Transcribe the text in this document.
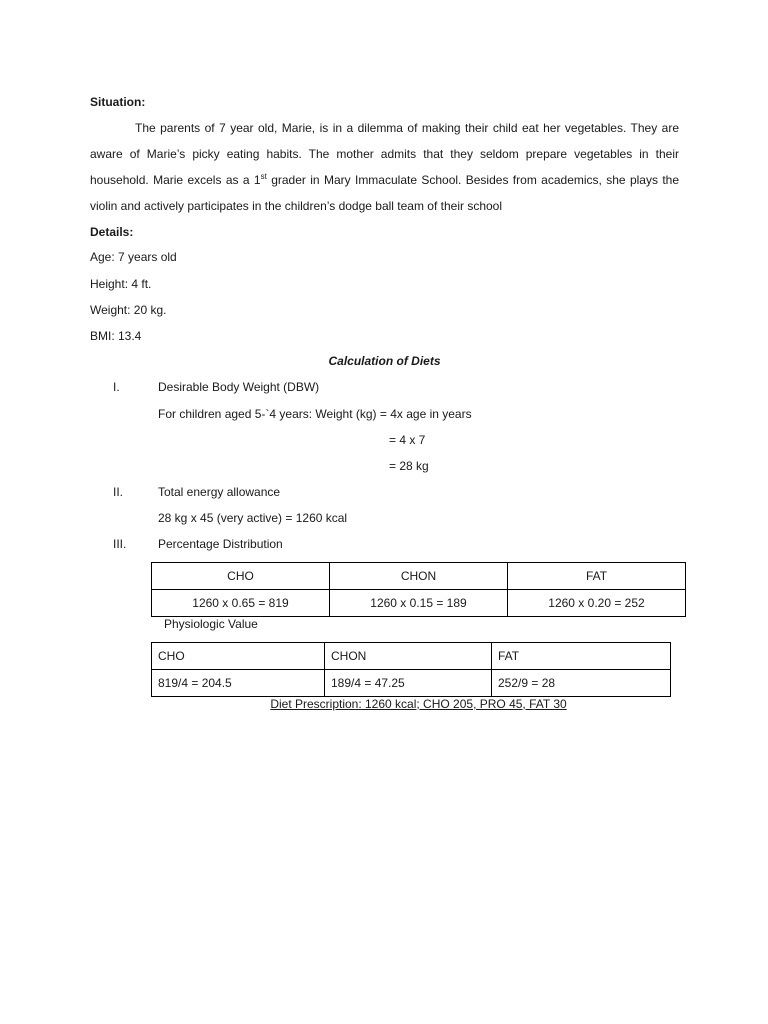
Situation:
The parents of 7 year old, Marie, is in a dilemma of making their child eat her vegetables. They are aware of Marie’s picky eating habits. The mother admits that they seldom prepare vegetables in their household. Marie excels as a 1st grader in Mary Immaculate School. Besides from academics, she plays the violin and actively participates in the children’s dodge ball team of their school
Details:
Age: 7 years old
Height: 4 ft.
Weight: 20 kg.
BMI: 13.4
Calculation of Diets
I.	Desirable Body Weight (DBW)
For children aged 5-`4 years: Weight (kg) = 4x age in years
= 4 x 7
= 28 kg
II.	Total energy allowance
28 kg x 45 (very active) = 1260 kcal
III.	Percentage Distribution
CHO	CHON	FAT
1260 x 0.65 = 819	1260 x 0.15 = 189	1260 x 0.20 = 252
Physiologic Value
CHO	CHON	FAT
819/4 = 204.5	189/4 = 47.25	252/9 = 28
Diet Prescription: 1260 kcal; CHO 205, PRO 45, FAT 30
